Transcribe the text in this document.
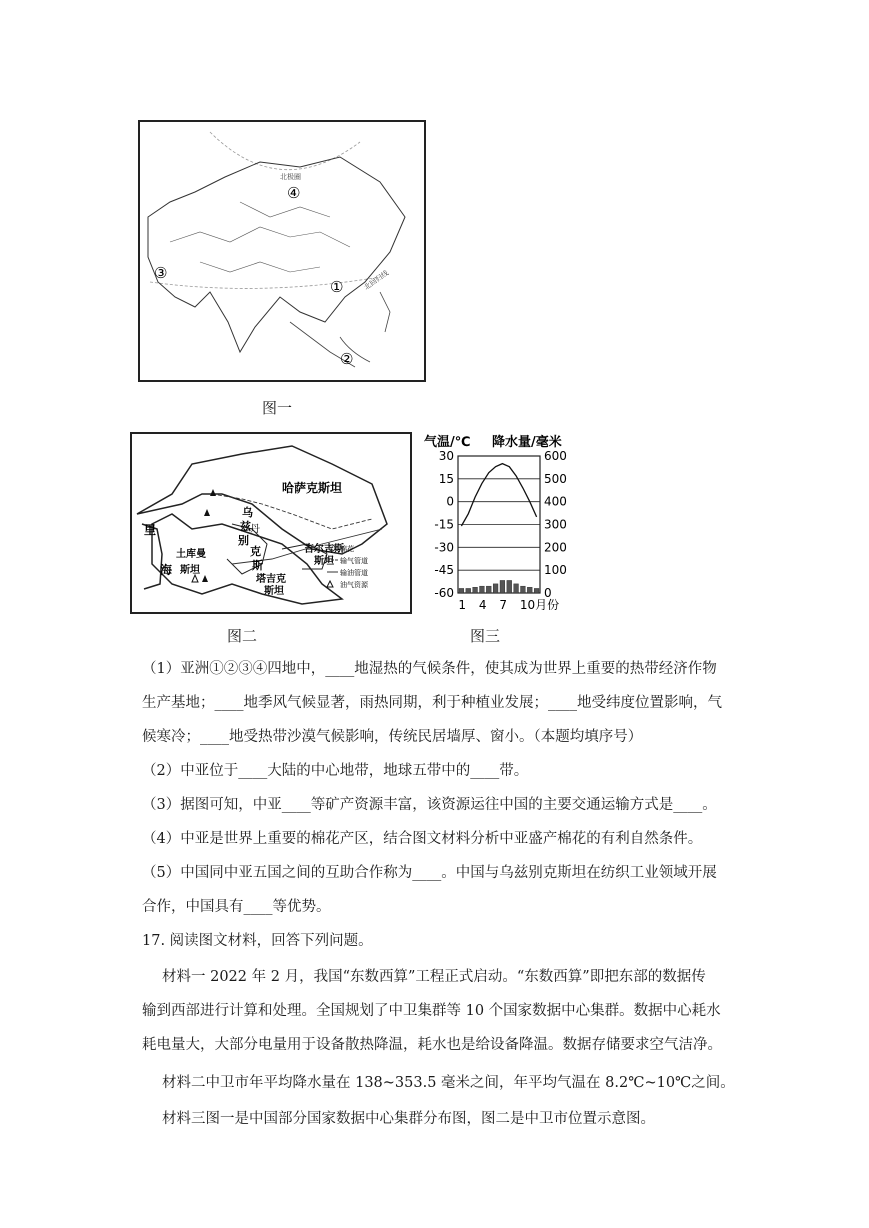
④
③
①
②
北极圈
北回归线
图一
哈萨克斯坦
里
海
乌
兹
别
克
斯
土库曼
斯坦
吉尔吉斯
斯坦
塔吉克
斯坦
丹
棉花
输气管道
输油管道
油气资源
图二
气温/℃ 降水量/毫米
30	600
15	500
0	400
-15	300
-30	200
-45	100
-60	0
1 4 7 10月份
图三
（1）亚洲①②③④四地中，____地湿热的气候条件，使其成为世界上重要的热带经济作物
生产基地；____地季风气候显著，雨热同期，利于种植业发展；____地受纬度位置影响，气
候寒冷；____地受热带沙漠气候影响，传统民居墙厚、窗小。（本题均填序号）
（2）中亚位于____大陆的中心地带，地球五带中的____带。
（3）据图可知，中亚____等矿产资源丰富，该资源运往中国的主要交通运输方式是____。
（4）中亚是世界上重要的棉花产区，结合图文材料分析中亚盛产棉花的有利自然条件。
（5）中国同中亚五国之间的互助合作称为____。中国与乌兹别克斯坦在纺织工业领域开展
合作，中国具有____等优势。
17. 阅读图文材料，回答下列问题。
材料一 2022 年 2 月，我国“东数西算”工程正式启动。“东数西算”即把东部的数据传
输到西部进行计算和处理。全国规划了中卫集群等 10 个国家数据中心集群。数据中心耗水
耗电量大，大部分电量用于设备散热降温，耗水也是给设备降温。数据存储要求空气洁净。
材料二中卫市年平均降水量在 138~353.5 毫米之间，年平均气温在 8.2℃~10℃之间。
材料三图一是中国部分国家数据中心集群分布图，图二是中卫市位置示意图。
